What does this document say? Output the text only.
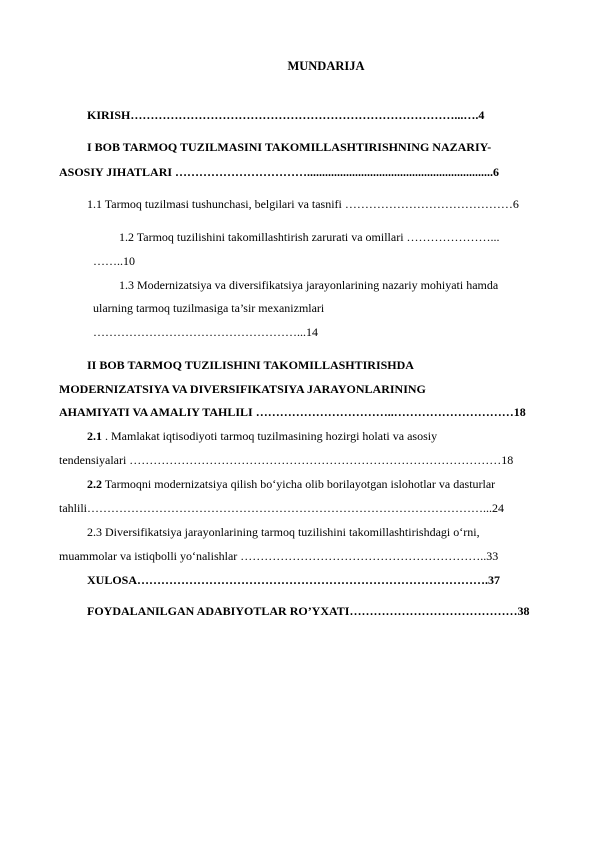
MUNDARIJA
KIRISH………………………………………………………………………...….4
I BOB TARMOQ TUZILMASINI TAKOMILLASHTIRISHNING NAZARIY-
ASOSIY JIHATLARI ……………………………..............................................................6
1.1 Tarmoq tuzilmasi tushunchasi, belgilari va tasnifi ……………………………………6
1.2 Tarmoq tuzilishini takomillashtirish zarurati va omillari …………………...
……..10
1.3 Modernizatsiya va diversifikatsiya jarayonlarining nazariy mohiyati hamda
ularning tarmoq tuzilmasiga ta’sir mexanizmlari
……………………………………………...14
II BOB TARMOQ TUZILISHINI TAKOMILLASHTIRISHDA
MODERNIZATSIYA VA DIVERSIFIKATSIYA JARAYONLARINING
AHAMIYATI VA AMALIY TAHLILI ……………………………..…………………………18
2.1 . Mamlakat iqtisodiyoti tarmoq tuzilmasining hozirgi holati va asosiy
tendensiyalari …………………………………………………………………………………18
2.2 Tarmoqni modernizatsiya qilish bo‘yicha olib borilayotgan islohotlar va dasturlar
tahlili………………………………………………………………………………………...24
2.3 Diversifikatsiya jarayonlarining tarmoq tuzilishini takomillashtirishdagi o‘rni,
muammolar va istiqbolli yo‘nalishlar ……………………………………………………..33
XULOSA…………………………………………………………………………….37
FOYDALANILGAN ADABIYOTLAR RO’YXATI……………………………………38
